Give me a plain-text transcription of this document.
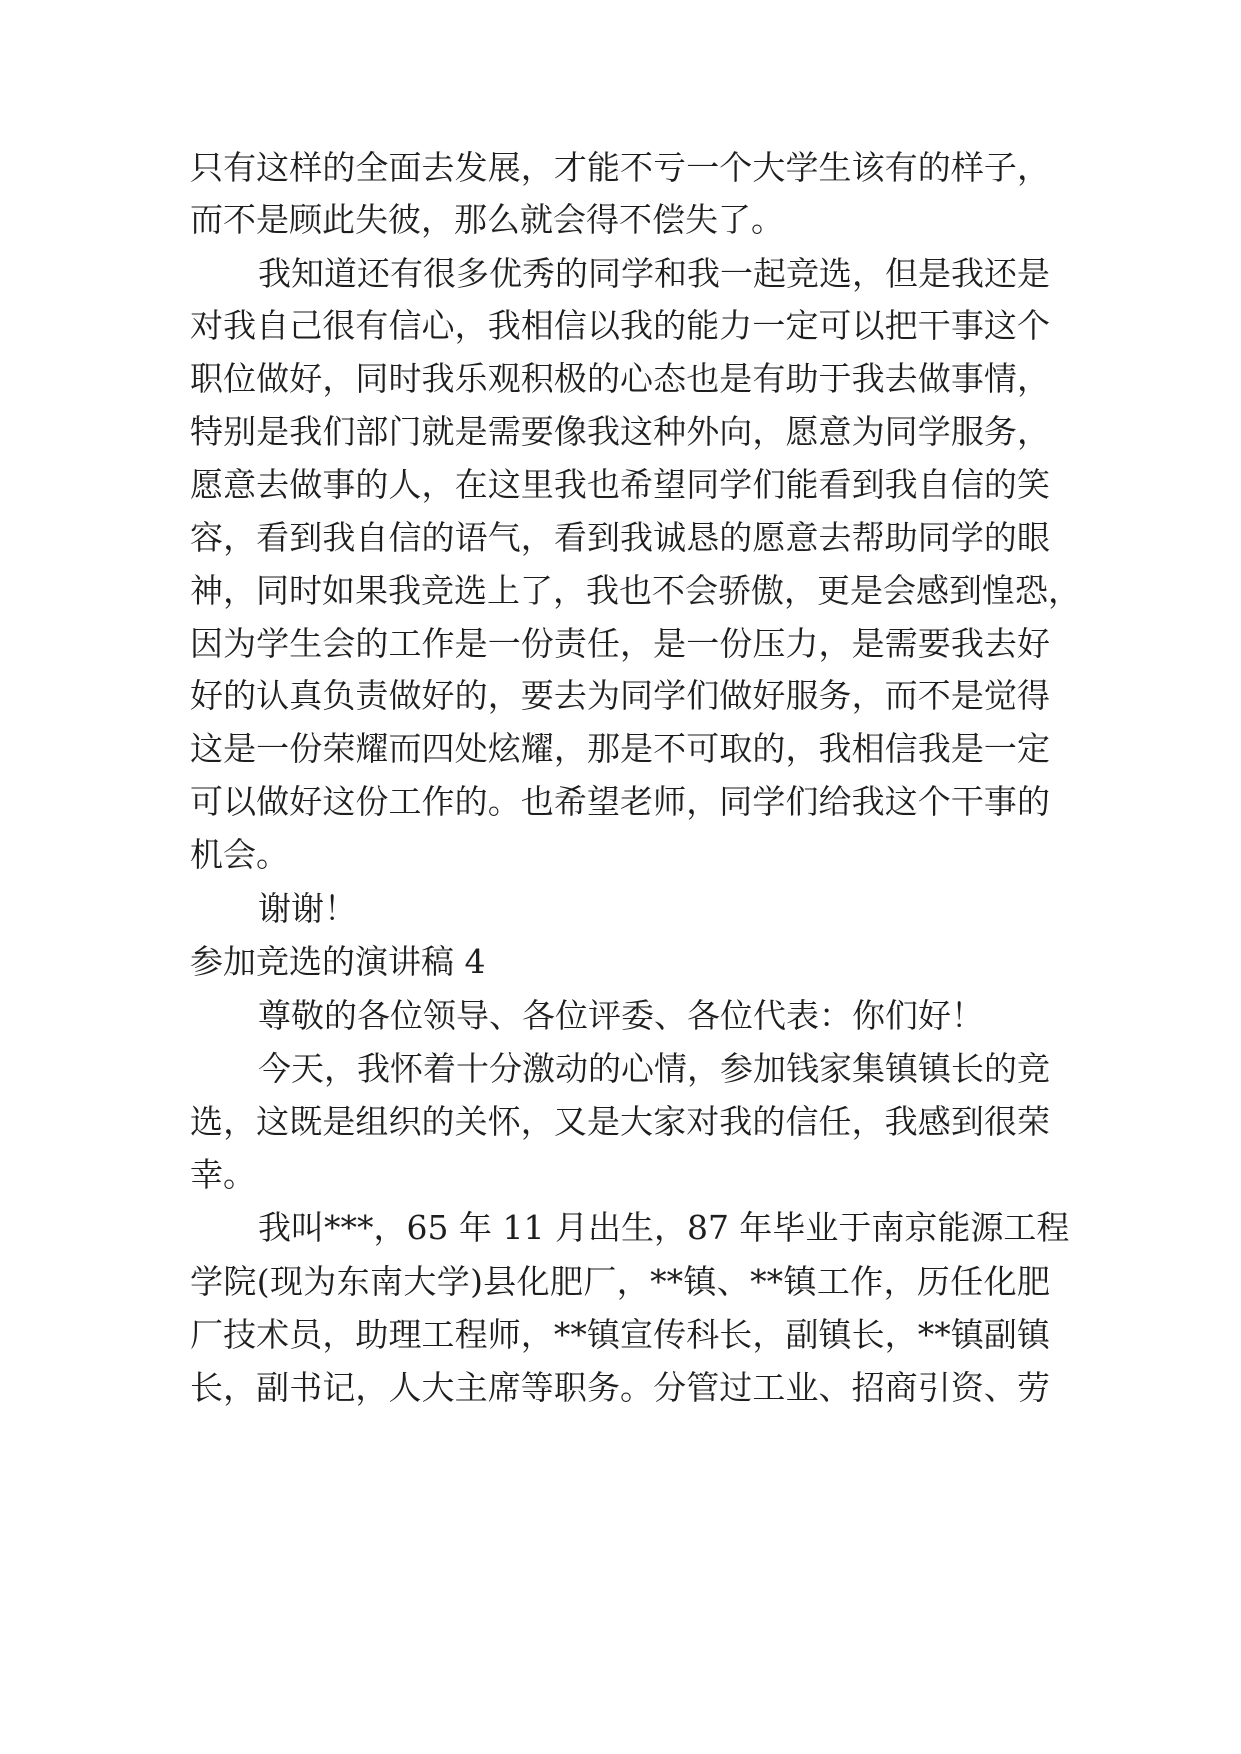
只有这样的全面去发展，才能不亏一个大学生该有的样子，
而不是顾此失彼，那么就会得不偿失了。
我知道还有很多优秀的同学和我一起竞选，但是我还是
对我自己很有信心，我相信以我的能力一定可以把干事这个
职位做好，同时我乐观积极的心态也是有助于我去做事情，
特别是我们部门就是需要像我这种外向，愿意为同学服务，
愿意去做事的人，在这里我也希望同学们能看到我自信的笑
容，看到我自信的语气，看到我诚恳的愿意去帮助同学的眼
神，同时如果我竞选上了，我也不会骄傲，更是会感到惶恐，
因为学生会的工作是一份责任，是一份压力，是需要我去好
好的认真负责做好的，要去为同学们做好服务，而不是觉得
这是一份荣耀而四处炫耀，那是不可取的，我相信我是一定
可以做好这份工作的。也希望老师，同学们给我这个干事的
机会。
谢谢！
参加竞选的演讲稿 4
尊敬的各位领导、各位评委、各位代表：你们好！
今天，我怀着十分激动的心情，参加钱家集镇镇长的竞
选，这既是组织的关怀，又是大家对我的信任，我感到很荣
幸。
我叫***，65 年 11 月出生，87 年毕业于南京能源工程
学院(现为东南大学)县化肥厂，**镇、**镇工作，历任化肥
厂技术员，助理工程师，**镇宣传科长，副镇长，**镇副镇
长，副书记，人大主席等职务。分管过工业、招商引资、劳
